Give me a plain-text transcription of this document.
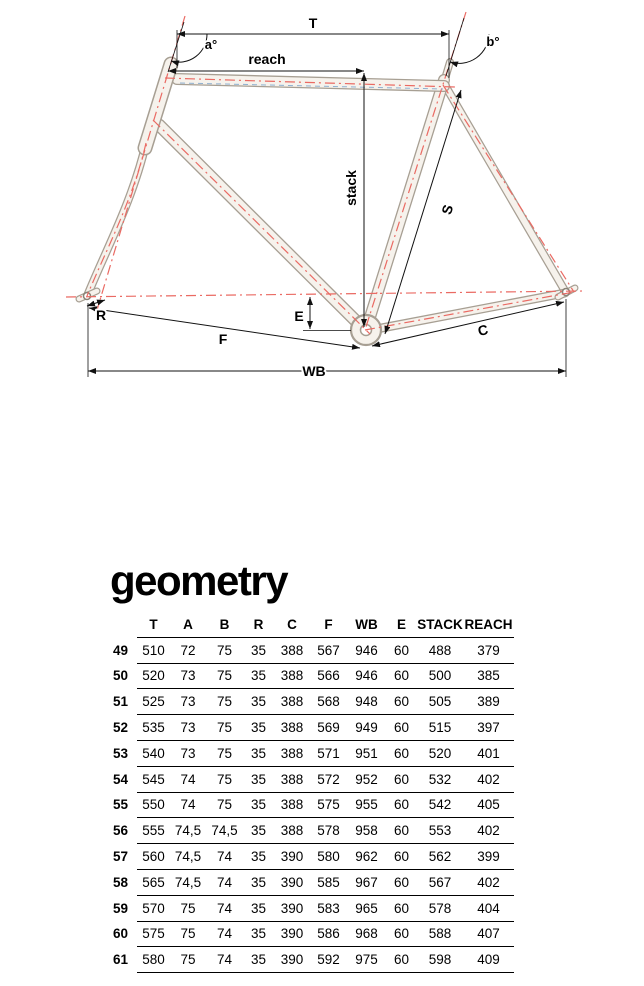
T
a°	b°
reach
stack
S
E
R
F
C
WB
geometry
	T	A	B	R	C	F	WB	E	STACK	REACH
49	510	72	75	35	388	567	946	60	488	379
50	520	73	75	35	388	566	946	60	500	385
51	525	73	75	35	388	568	948	60	505	389
52	535	73	75	35	388	569	949	60	515	397
53	540	73	75	35	388	571	951	60	520	401
54	545	74	75	35	388	572	952	60	532	402
55	550	74	75	35	388	575	955	60	542	405
56	555	74,5	74,5	35	388	578	958	60	553	402
57	560	74,5	74	35	390	580	962	60	562	399
58	565	74,5	74	35	390	585	967	60	567	402
59	570	75	74	35	390	583	965	60	578	404
60	575	75	74	35	390	586	968	60	588	407
61	580	75	74	35	390	592	975	60	598	409
